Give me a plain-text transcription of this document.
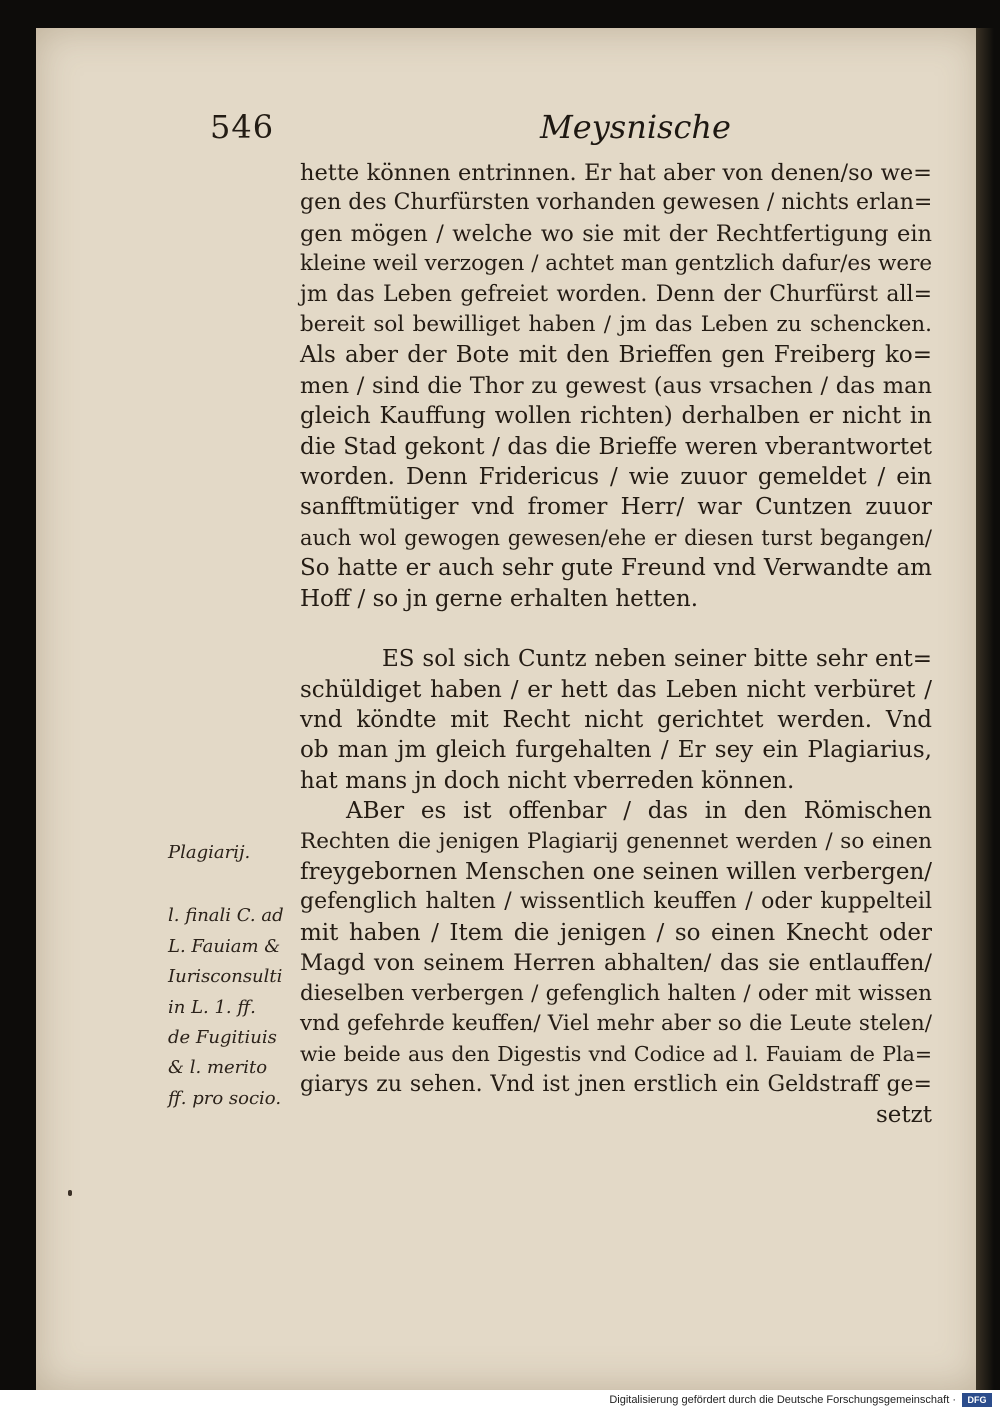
546	Meysnische
hette können entrinnen. Er hat aber von denen/so we=
gen des Churfürsten vorhanden gewesen / nichts erlan=
gen mögen / welche wo sie mit der Rechtfertigung ein
kleine weil verzogen / achtet man gentzlich dafur/es were
jm das Leben gefreiet worden. Denn der Churfürst all=
bereit sol bewilliget haben / jm das Leben zu schencken.
Als aber der Bote mit den Brieffen gen Freiberg ko=
men / sind die Thor zu gewest (aus vrsachen / das man
gleich Kauffung wollen richten) derhalben er nicht in
die Stad gekont / das die Brieffe weren vberantwortet
worden. Denn Fridericus / wie zuuor gemeldet / ein
sanfftmütiger vnd fromer Herr/ war Cuntzen zuuor
auch wol gewogen gewesen/ehe er diesen turst begangen/
So hatte er auch sehr gute Freund vnd Verwandte am
Hoff / so jn gerne erhalten hetten.
ES sol sich Cuntz neben seiner bitte sehr ent=
schüldiget haben / er hett das Leben nicht verbüret /
vnd köndte mit Recht nicht gerichtet werden. Vnd
ob man jm gleich furgehalten / Er sey ein Plagiarius,
hat mans jn doch nicht vberreden können.
ABer es ist offenbar / das in den Römischen
Rechten die jenigen Plagiarij genennet werden / so einen
freygebornen Menschen one seinen willen verbergen/
gefenglich halten / wissentlich keuffen / oder kuppelteil
mit haben / Item die jenigen / so einen Knecht oder
Magd von seinem Herren abhalten/ das sie entlauffen/
dieselben verbergen / gefenglich halten / oder mit wissen
vnd gefehrde keuffen/ Viel mehr aber so die Leute stelen/
wie beide aus den Digestis vnd Codice ad l. Fauiam de Pla=
giarys zu sehen. Vnd ist jnen erstlich ein Geldstraff ge=
setzt
Plagiarij.
l. finali C. ad
L. Fauiam &
Iurisconsulti
in L. 1. ff.
de Fugitiuis
& l. merito
ff. pro socio.
Digitalisierung gefördert durch die Deutsche Forschungsgemeinschaft ·	DFG
